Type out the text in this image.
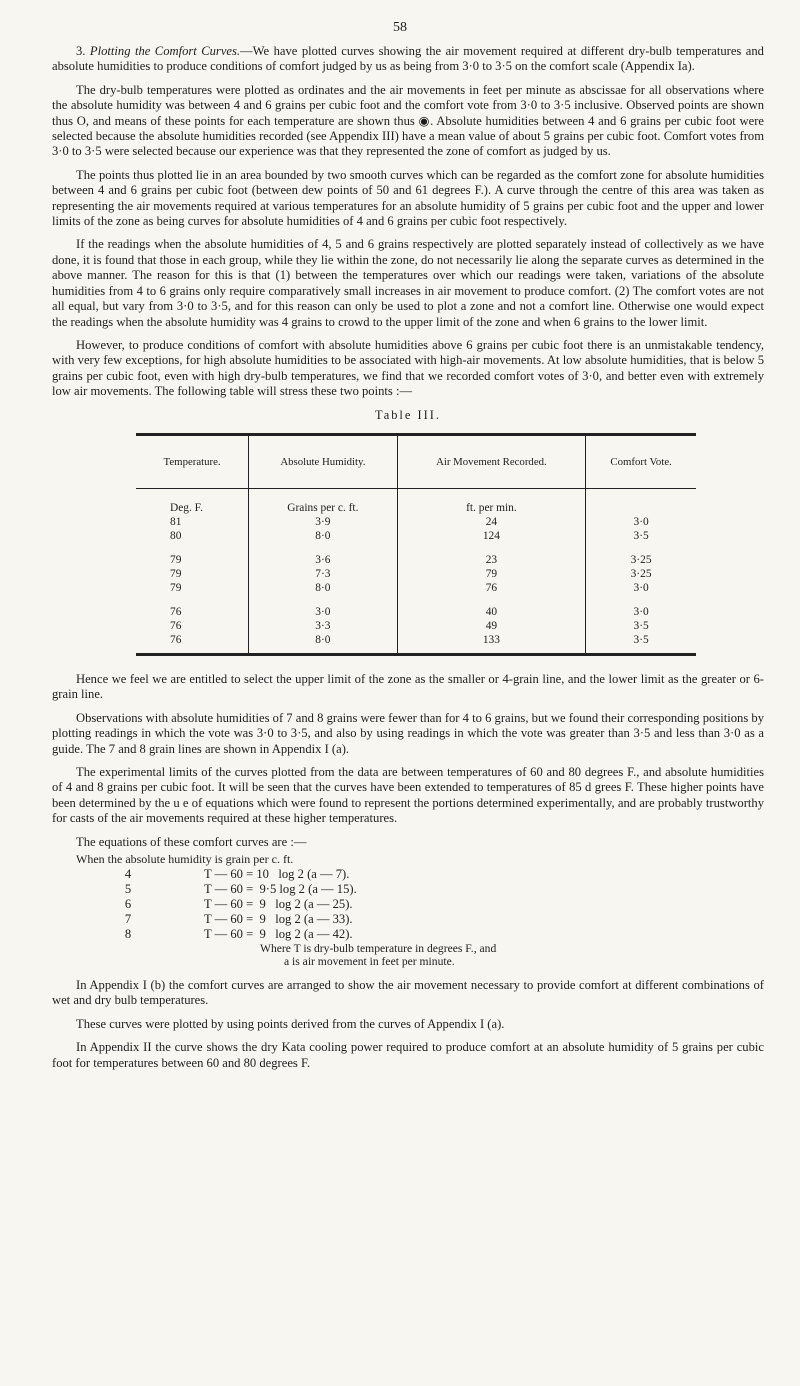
58

3. Plotting the Comfort Curves.—We have plotted curves showing the air movement required at different dry-bulb temperatures and absolute humidities to produce conditions of comfort judged by us as being from 3·0 to 3·5 on the comfort scale (Appendix Ia).

The dry-bulb temperatures were plotted as ordinates and the air movements in feet per minute as abscissae for all observations where the absolute humidity was between 4 and 6 grains per cubic foot and the comfort vote from 3·0 to 3·5 inclusive. Observed points are shown thus O, and means of these points for each temperature are shown thus ◉. Absolute humidities between 4 and 6 grains per cubic foot were selected because the absolute humidities recorded (see Appendix III) have a mean value of about 5 grains per cubic foot. Comfort votes from 3·0 to 3·5 were selected because our experience was that they represented the zone of comfort as judged by us.

The points thus plotted lie in an area bounded by two smooth curves which can be regarded as the comfort zone for absolute humidities between 4 and 6 grains per cubic foot (between dew points of 50 and 61 degrees F.). A curve through the centre of this area was taken as representing the air movements required at various temperatures for an absolute humidity of 5 grains per cubic foot and the upper and lower limits of the zone as being curves for absolute humidities of 4 and 6 grains per cubic foot respectively.

If the readings when the absolute humidities of 4, 5 and 6 grains respectively are plotted separately instead of collectively as we have done, it is found that those in each group, while they lie within the zone, do not necessarily lie along the separate curves as determined in the above manner. The reason for this is that (1) between the temperatures over which our readings were taken, variations of the absolute humidities from 4 to 6 grains only require comparatively small increases in air movement to produce comfort. (2) The comfort votes are not all equal, but vary from 3·0 to 3·5, and for this reason can only be used to plot a zone and not a comfort line. Otherwise one would expect the readings when the absolute humidity was 4 grains to crowd to the upper limit of the zone and when 6 grains to the lower limit.

However, to produce conditions of comfort with absolute humidities above 6 grains per cubic foot there is an unmistakable tendency, with very few exceptions, for high absolute humidities to be associated with high-air movements. At low absolute humidities, that is below 5 grains per cubic foot, even with high dry-bulb temperatures, we find that we recorded comfort votes of 3·0, and better even with extremely low air movements. The following table will stress these two points :—

Table III.
Temperature.	Absolute Humidity.	Air Movement Recorded.	Comfort Vote.
Deg. F.	Grains per c. ft.	ft. per min.	
81	3·9	24	3·0
80	8·0	124	3·5
79	3·6	23	3·25
79	7·3	79	3·25
79	8·0	76	3·0
76	3·0	40	3·0
76	3·3	49	3·5
76	8·0	133	3·5

Hence we feel we are entitled to select the upper limit of the zone as the smaller or 4-grain line, and the lower limit as the greater or 6-grain line.

Observations with absolute humidities of 7 and 8 grains were fewer than for 4 to 6 grains, but we found their corresponding positions by plotting readings in which the vote was 3·0 to 3·5, and also by using readings in which the vote was greater than 3·5 and less than 3·0 as a guide. The 7 and 8 grain lines are shown in Appendix I (a).

The experimental limits of the curves plotted from the data are between temperatures of 60 and 80 degrees F., and absolute humidities of 4 and 8 grains per cubic foot. It will be seen that the curves have been extended to temperatures of 85 d grees F. These higher points have been determined by the u e of equations which were found to represent the portions determined experimentally, and are probably trustworthy for casts of the air movements required at these higher temperatures.

The equations of these comfort curves are :—

When the absolute humidity is grain per c. ft.
4	T — 60 = 10   log 2 (a — 7).
5	T — 60 =  9·5 log 2 (a — 15).
6	T — 60 =  9   log 2 (a — 25).
7	T — 60 =  9   log 2 (a — 33).
8	T — 60 =  9   log 2 (a — 42).
Where T is dry-bulb temperature in degrees F., and
a is air movement in feet per minute.

In Appendix I (b) the comfort curves are arranged to show the air movement necessary to provide comfort at different combinations of wet and dry bulb temperatures.

These curves were plotted by using points derived from the curves of Appendix I (a).

In Appendix II the curve shows the dry Kata cooling power required to produce comfort at an absolute humidity of 5 grains per cubic foot for temperatures between 60 and 80 degrees F.
